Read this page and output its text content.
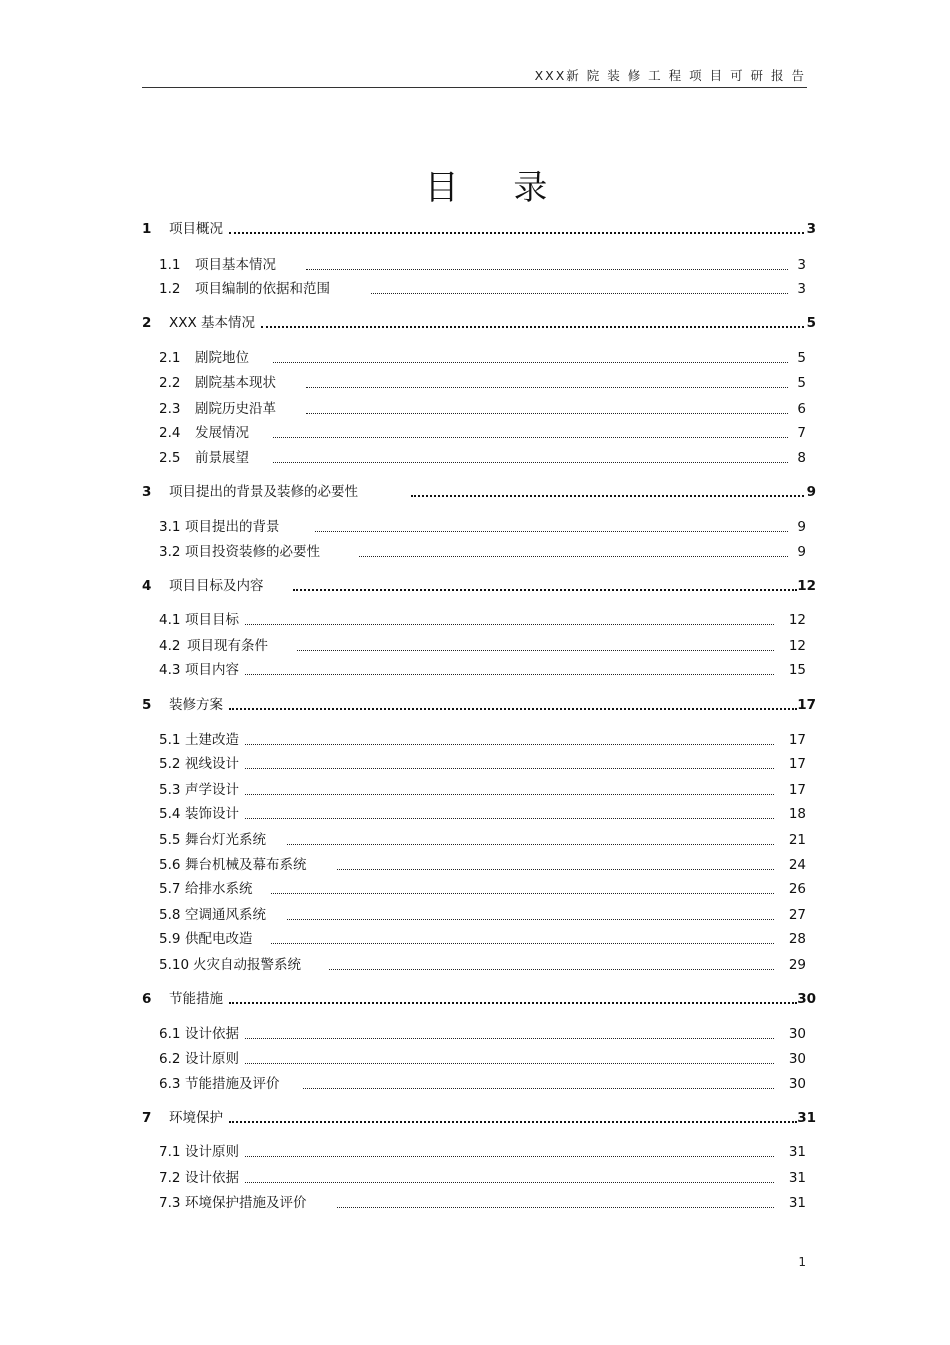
XXX新 院 装 修 工 程 项 目 可 研 报 告
目 录
1	项目概况	3
1.1	项目基本情况	3
1.2	项目编制的依据和范围	3
2	XXX 基本情况	5
2.1	剧院地位	5
2.2	剧院基本现状	5
2.3	剧院历史沿革	6
2.4	发展情况	7
2.5	前景展望	8
3	项目提出的背景及装修的必要性	9
3.1 项目提出的背景	9
3.2 项目投资装修的必要性	9
4	项目目标及内容	12
4.1 项目目标	12
4.2 项目现有条件	12
4.3 项目内容	15
5	装修方案	17
5.1 土建改造	17
5.2 视线设计	17
5.3 声学设计	17
5.4 装饰设计	18
5.5 舞台灯光系统	21
5.6 舞台机械及幕布系统	24
5.7 给排水系统	26
5.8 空调通风系统	27
5.9 供配电改造	28
5.10 火灾自动报警系统	29
6	节能措施	30
6.1 设计依据	30
6.2 设计原则	30
6.3 节能措施及评价	30
7	环境保护	31
7.1 设计原则	31
7.2 设计依据	31
7.3 环境保护措施及评价	31
1
